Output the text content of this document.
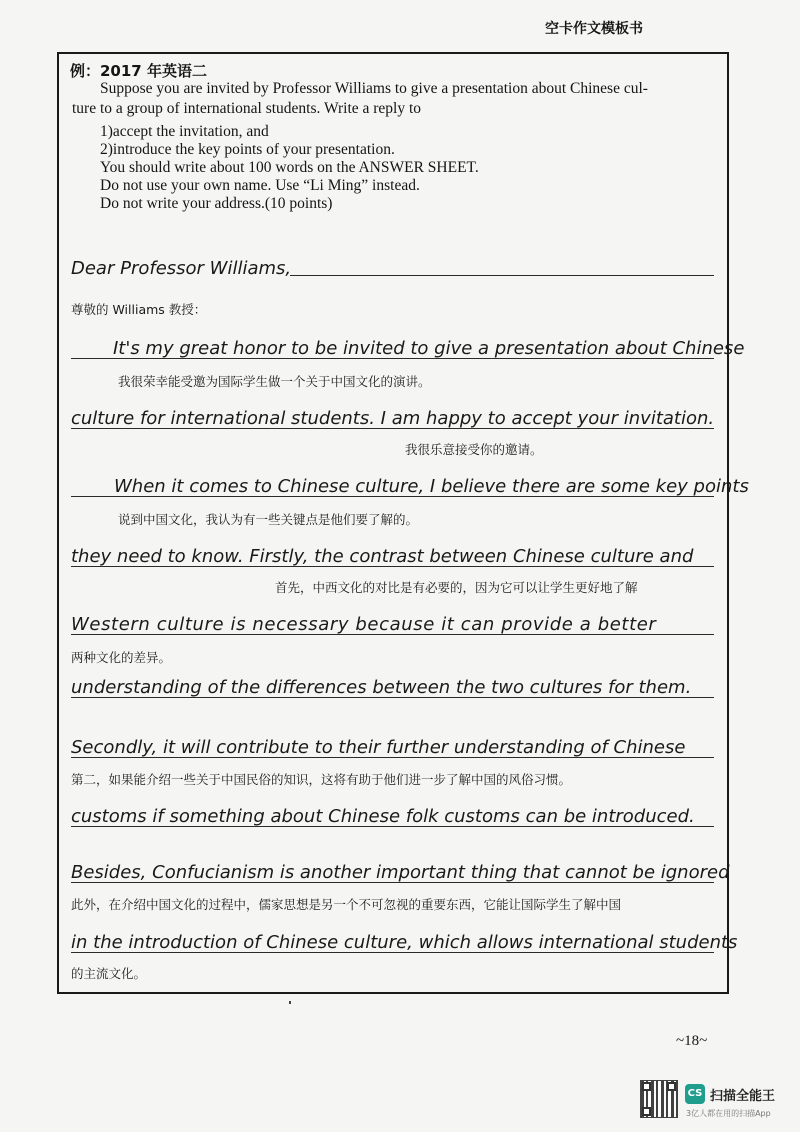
空卡作文模板书
例：2017 年英语二
Suppose you are invited by Professor Williams to give a presentation about Chinese cul-
ture to a group of international students. Write a reply to
1)accept the invitation, and
2)introduce the key points of your presentation.
You should write about 100 words on the ANSWER SHEET.
Do not use your own name. Use “Li Ming” instead.
Do not write your address.(10 points)
Dear Professor Williams,
尊敬的 Williams 教授：
It's my great honor to be invited to give a presentation about Chinese
我很荣幸能受邀为国际学生做一个关于中国文化的演讲。
culture for international students. I am happy to accept your invitation.
我很乐意接受你的邀请。
When it comes to Chinese culture, I believe there are some key points
说到中国文化，我认为有一些关键点是他们要了解的。
they need to know. Firstly, the contrast between Chinese culture and
首先，中西文化的对比是有必要的，因为它可以让学生更好地了解
Western culture is necessary because it can provide a better
两种文化的差异。
understanding of the differences between the two cultures for them.
Secondly, it will contribute to their further understanding of Chinese
第二，如果能介绍一些关于中国民俗的知识，这将有助于他们进一步了解中国的风俗习惯。
customs if something about Chinese folk customs can be introduced.
Besides, Confucianism is another important thing that cannot be ignored
此外，在介绍中国文化的过程中，儒家思想是另一个不可忽视的重要东西，它能让国际学生了解中国
in the introduction of Chinese culture, which allows international students
的主流文化。
~18~
CS 扫描全能王
3亿人都在用的扫描App
